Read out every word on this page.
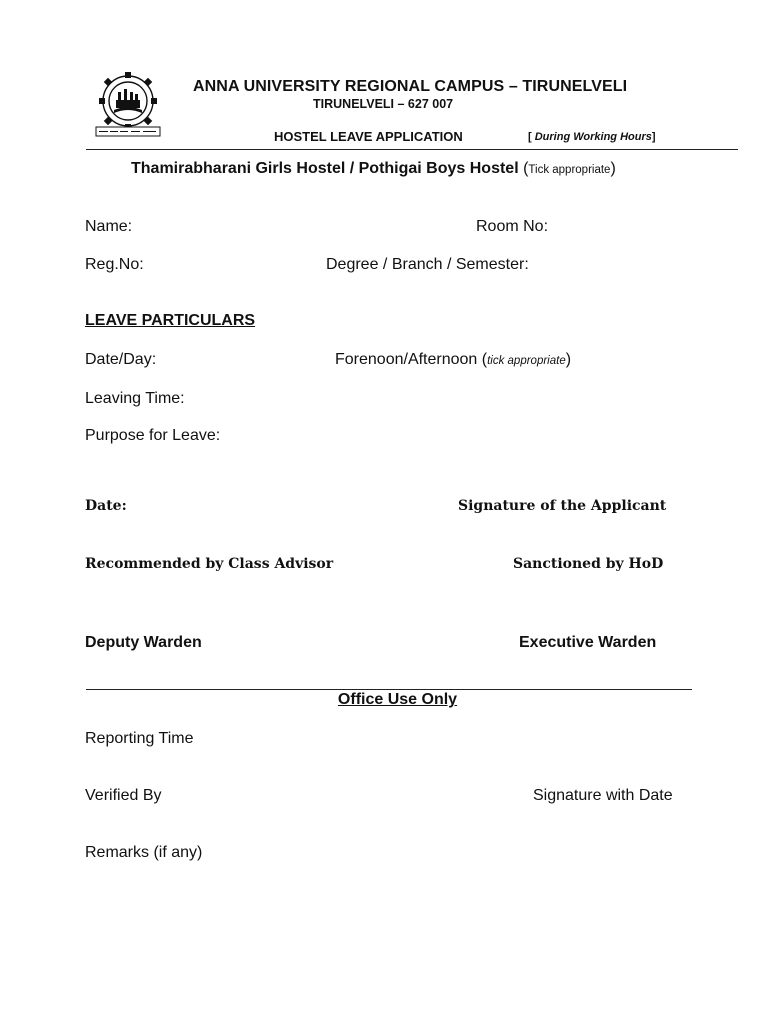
ANNA UNIVERSITY REGIONAL CAMPUS – TIRUNELVELI
TIRUNELVELI – 627 007
HOSTEL LEAVE APPLICATION	[ During Working Hours]
Thamirabharani Girls Hostel / Pothigai Boys Hostel (Tick appropriate)
Name:	Room No:
Reg.No:	Degree / Branch / Semester:
LEAVE PARTICULARS
Date/Day:	Forenoon/Afternoon (tick appropriate)
Leaving Time:
Purpose for Leave:
Date:	Signature of the Applicant
Recommended by Class Advisor	Sanctioned by HoD
Deputy Warden	Executive Warden
Office Use Only
Reporting Time
Verified By	Signature with Date
Remarks (if any)
